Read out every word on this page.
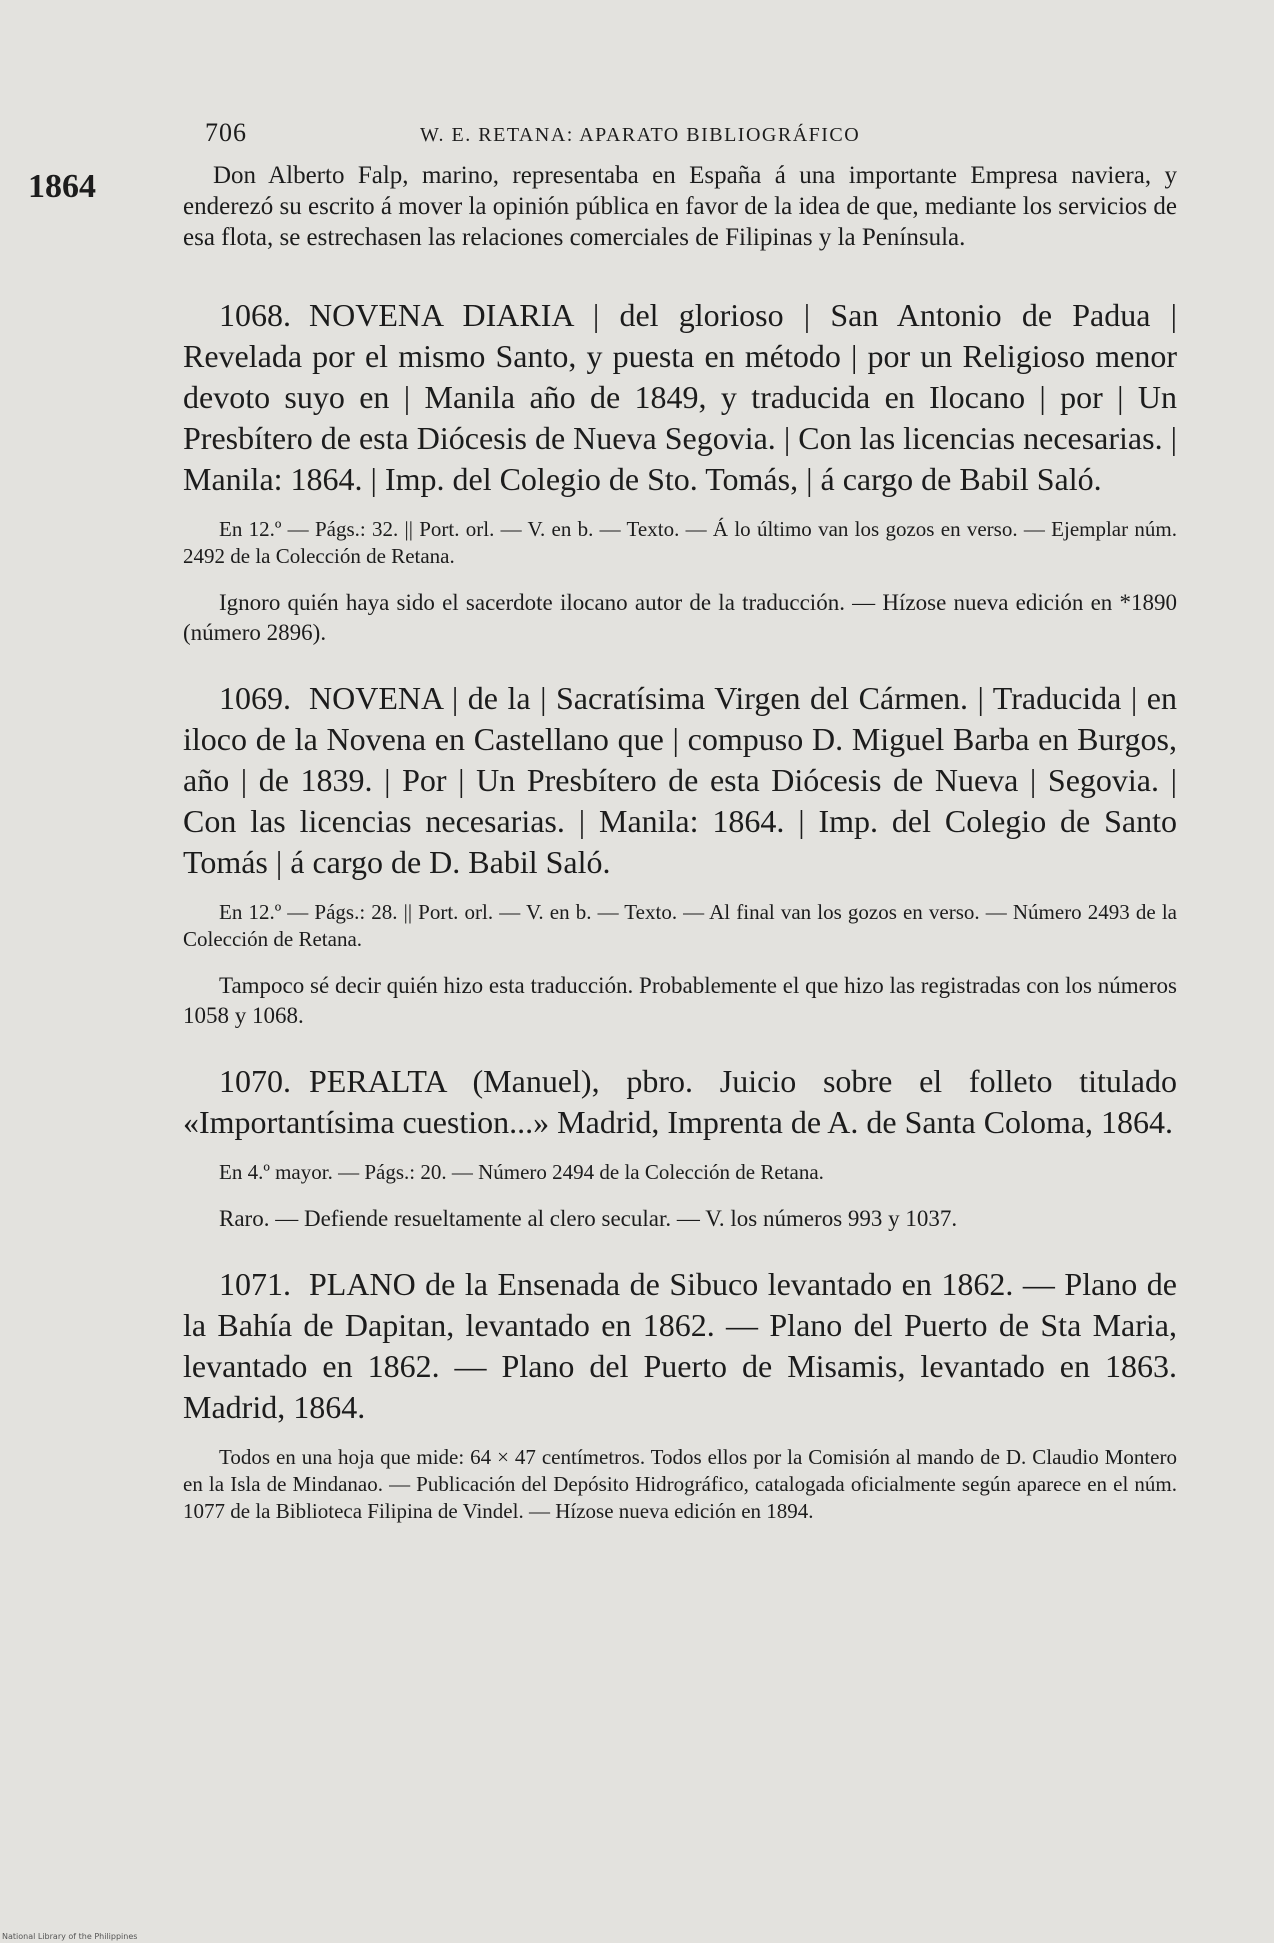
706	W. E. RETANA: APARATO BIBLIOGRÁFICO
1864	Don Alberto Falp, marino, representaba en España á una importante Empresa naviera, y enderezó su escrito á mover la opinión pública en favor de la idea de que, mediante los servicios de esa flota, se estrechasen las relaciones comerciales de Filipinas y la Península.

1068. NOVENA DIARIA | del glorioso | San Antonio de Padua | Revelada por el mismo Santo, y puesta en método | por un Religioso menor devoto suyo en | Manila año de 1849, y traducida en Ilocano | por | Un Presbítero de esta Diócesis de Nueva Segovia. | Con las licencias necesarias. | Manila: 1864. | Imp. del Colegio de Sto. Tomás, | á cargo de Babil Saló.

En 12.º — Págs.: 32. || Port. orl. — V. en b. — Texto. — Á lo último van los gozos en verso. — Ejemplar núm. 2492 de la Colección de Retana.

Ignoro quién haya sido el sacerdote ilocano autor de la traducción. — Hízose nueva edición en *1890 (número 2896).

1069. NOVENA | de la | Sacratísima Virgen del Cármen. | Traducida | en iloco de la Novena en Castellano que | compuso D. Miguel Barba en Burgos, año | de 1839. | Por | Un Presbítero de esta Diócesis de Nueva | Segovia. | Con las licencias necesarias. | Manila: 1864. | Imp. del Colegio de Santo Tomás | á cargo de D. Babil Saló.

En 12.º — Págs.: 28. || Port. orl. — V. en b. — Texto. — Al final van los gozos en verso. — Número 2493 de la Colección de Retana.

Tampoco sé decir quién hizo esta traducción. Probablemente el que hizo las registradas con los números 1058 y 1068.

1070. PERALTA (Manuel), pbro. Juicio sobre el folleto titulado «Importantísima cuestion...» Madrid, Imprenta de A. de Santa Coloma, 1864.

En 4.º mayor. — Págs.: 20. — Número 2494 de la Colección de Retana.

Raro. — Defiende resueltamente al clero secular. — V. los números 993 y 1037.

1071. PLANO de la Ensenada de Sibuco levantado en 1862. — Plano de la Bahía de Dapitan, levantado en 1862. — Plano del Puerto de Sta Maria, levantado en 1862. — Plano del Puerto de Misamis, levantado en 1863. Madrid, 1864.

Todos en una hoja que mide: 64 × 47 centímetros. Todos ellos por la Comisión al mando de D. Claudio Montero en la Isla de Mindanao. — Publicación del Depósito Hidrográfico, catalogada oficialmente según aparece en el núm. 1077 de la Biblioteca Filipina de Vindel. — Hízose nueva edición en 1894.

National Library of the Philippines
